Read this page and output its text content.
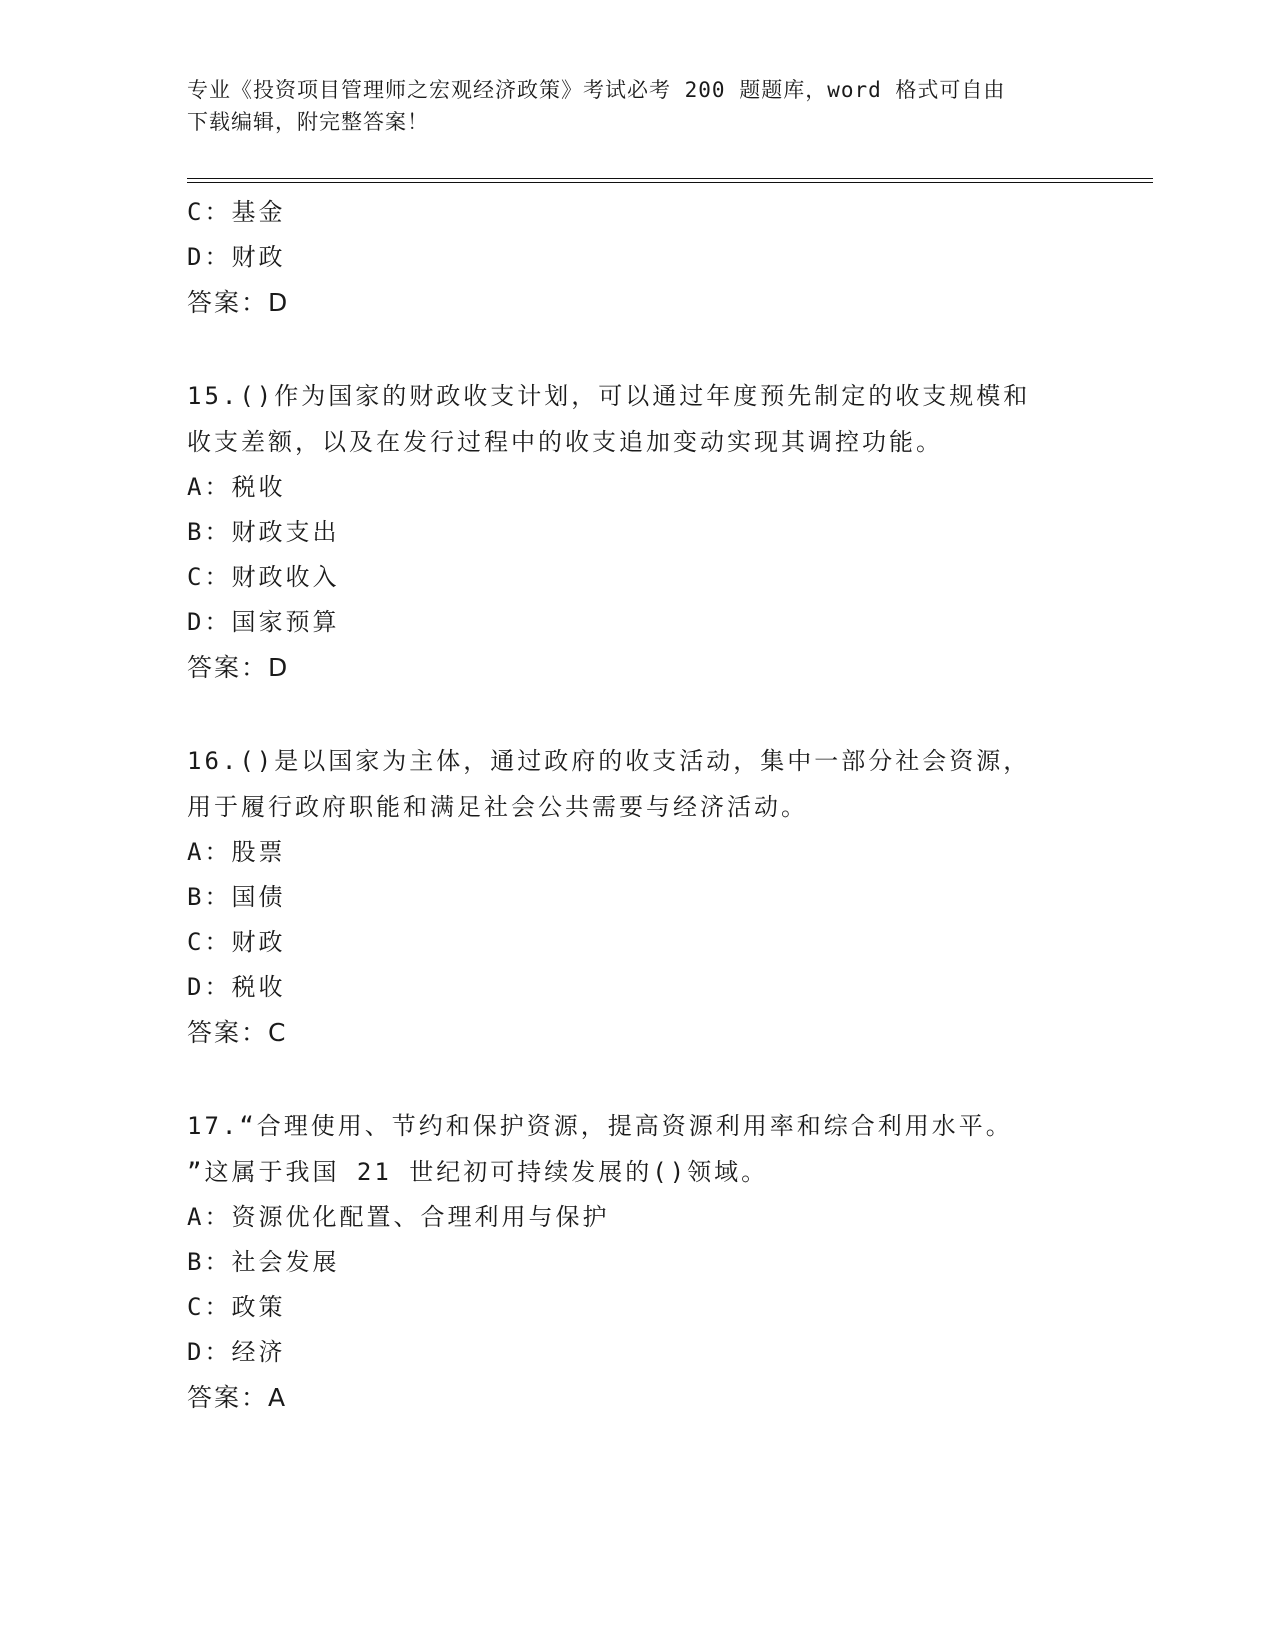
专业《投资项目管理师之宏观经济政策》考试必考 200 题题库，word 格式可自由
下载编辑，附完整答案！
C：基金
D：财政
答案：D
15.()作为国家的财政收支计划，可以通过年度预先制定的收支规模和
收支差额，以及在发行过程中的收支追加变动实现其调控功能。
A：税收
B：财政支出
C：财政收入
D：国家预算
答案：D
16.()是以国家为主体，通过政府的收支活动，集中一部分社会资源，
用于履行政府职能和满足社会公共需要与经济活动。
A：股票
B：国债
C：财政
D：税收
答案：C
17.“合理使用、节约和保护资源，提高资源利用率和综合利用水平。
”这属于我国 21 世纪初可持续发展的()领域。
A：资源优化配置、合理利用与保护
B：社会发展
C：政策
D：经济
答案：A
